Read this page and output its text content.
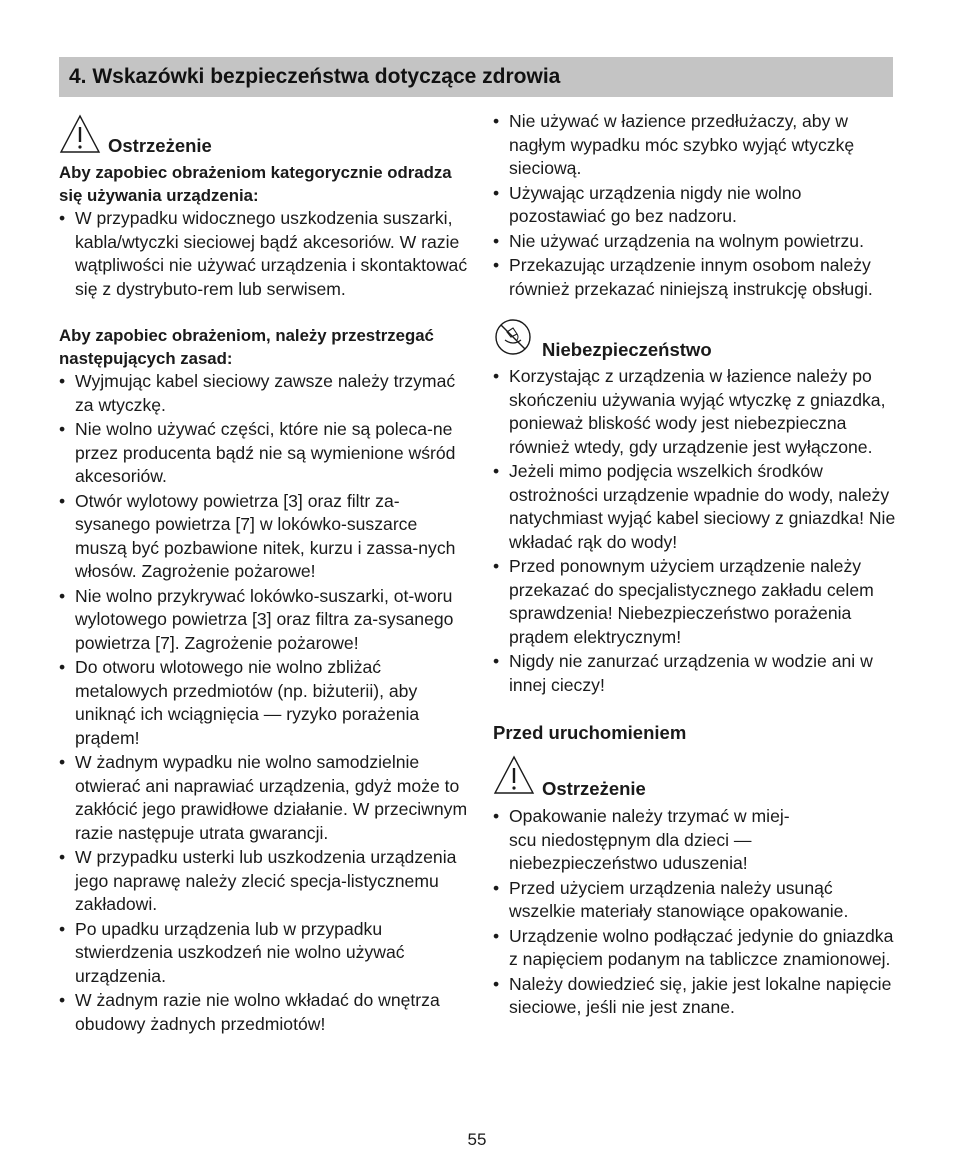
4. Wskazówki bezpieczeństwa dotyczące zdrowia
Ostrzeżenie

Aby zapobiec obrażeniom kategorycznie odradza się używania urządzenia:

• W przypadku widocznego uszkodzenia suszarki, kabla/wtyczki sieciowej bądź akcesoriów. W razie wątpliwości nie używać urządzenia i skontaktować się z dystrybuto-rem lub serwisem.

Aby zapobiec obrażeniom, należy przestrzegać następujących zasad:

• Wyjmując kabel sieciowy zawsze należy trzymać za wtyczkę.
• Nie wolno używać części, które nie są poleca-ne przez producenta bądź nie są wymienione wśród akcesoriów.
• Otwór wylotowy powietrza [3] oraz filtr za-sysanego powietrza [7] w lokówko-suszarce muszą być pozbawione nitek, kurzu i zassa-nych włosów. Zagrożenie pożarowe!
• Nie wolno przykrywać lokówko-suszarki, ot-woru wylotowego powietrza [3] oraz filtra za-sysanego powietrza [7]. Zagrożenie pożarowe!
• Do otworu wlotowego nie wolno zbliżać metalowych przedmiotów (np. biżuterii), aby uniknąć ich wciągnięcia — ryzyko porażenia prądem!
• W żadnym wypadku nie wolno samodzielnie otwierać ani naprawiać urządzenia, gdyż może to zakłócić jego prawidłowe działanie. W przeciwnym razie następuje utrata gwarancji.
• W przypadku usterki lub uszkodzenia urządzenia jego naprawę należy zlecić specja-listycznemu zakładowi.
• Po upadku urządzenia lub w przypadku stwierdzenia uszkodzeń nie wolno używać urządzenia.
• W żadnym razie nie wolno wkładać do wnętrza obudowy żadnych przedmiotów!
• Nie używać w łazience przedłużaczy, aby w nagłym wypadku móc szybko wyjąć wtyczkę sieciową.
• Używając urządzenia nigdy nie wolno pozostawiać go bez nadzoru.
• Nie używać urządzenia na wolnym powietrzu.
• Przekazując urządzenie innym osobom należy również przekazać niniejszą instrukcję obsługi.
Niebezpieczeństwo
• Korzystając z urządzenia w łazience należy po skończeniu używania wyjąć wtyczkę z gniazdka, ponieważ bliskość wody jest niebezpieczna również wtedy, gdy urządzenie jest wyłączone.
• Jeżeli mimo podjęcia wszelkich środków ostrożności urządzenie wpadnie do wody, należy natychmiast wyjąć kabel sieciowy z gniazdka! Nie wkładać rąk do wody!
• Przed ponownym użyciem urządzenie należy przekazać do specjalistycznego zakładu celem sprawdzenia! Niebezpieczeństwo porażenia prądem elektrycznym!
• Nigdy nie zanurzać urządzenia w wodzie ani w innej cieczy!

Przed uruchomieniem

Ostrzeżenie
• Opakowanie należy trzymać w miej-scu niedostępnym dla dzieci — niebezpieczeństwo uduszenia!
• Przed użyciem urządzenia należy usunąć wszelkie materiały stanowiące opakowanie.
• Urządzenie wolno podłączać jedynie do gniazdka z napięciem podanym na tabliczce znamionowej.
• Należy dowiedzieć się, jakie jest lokalne napięcie sieciowe, jeśli nie jest znane.
55
